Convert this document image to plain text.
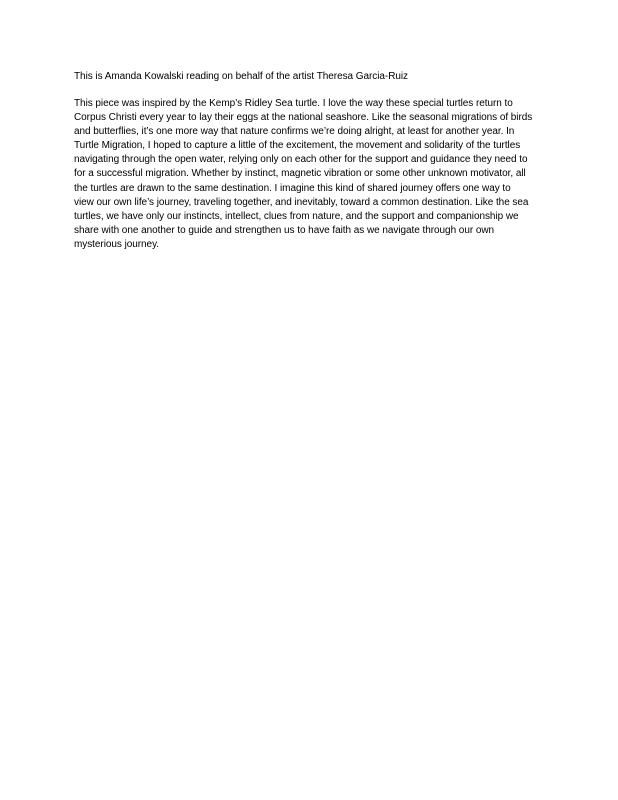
This is Amanda Kowalski reading on behalf of the artist Theresa Garcia-Ruiz

This piece was inspired by the Kemp’s Ridley Sea turtle. I love the way these special turtles return to
Corpus Christi every year to lay their eggs at the national seashore. Like the seasonal migrations of birds
and butterflies, it’s one more way that nature confirms we’re doing alright, at least for another year. In
Turtle Migration, I hoped to capture a little of the excitement, the movement and solidarity of the turtles
navigating through the open water, relying only on each other for the support and guidance they need to
for a successful migration. Whether by instinct, magnetic vibration or some other unknown motivator, all
the turtles are drawn to the same destination. I imagine this kind of shared journey offers one way to
view our own life’s journey, traveling together, and inevitably, toward a common destination. Like the sea
turtles, we have only our instincts, intellect, clues from nature, and the support and companionship we
share with one another to guide and strengthen us to have faith as we navigate through our own
mysterious journey.
